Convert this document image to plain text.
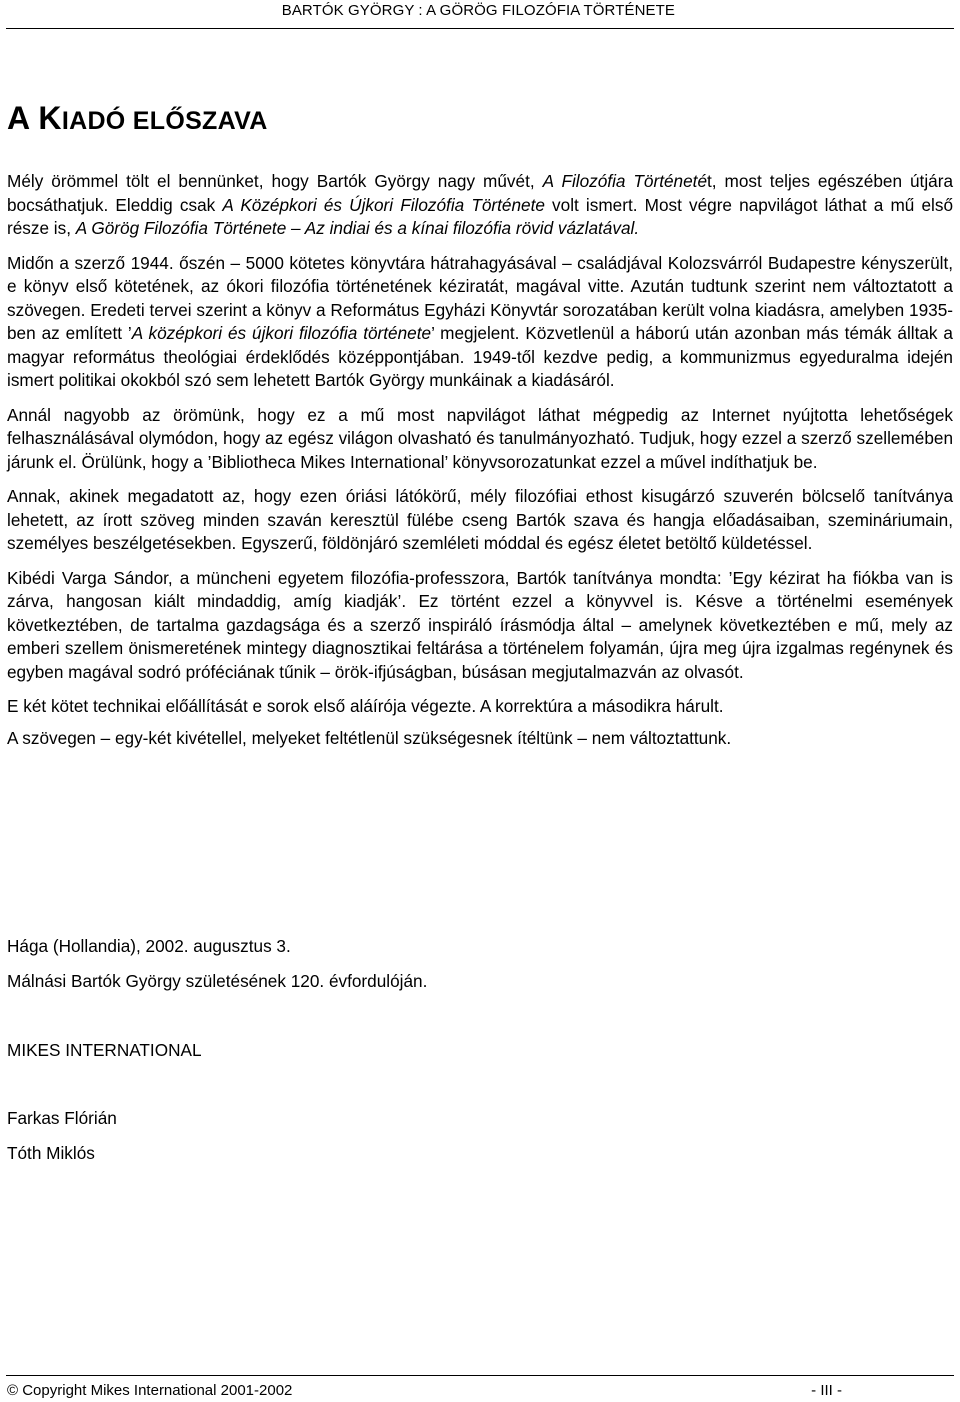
BARTÓK GYÖRGY : A GÖRÖG FILOZÓFIA TÖRTÉNETE
A KIADÓ ELŐSZAVA

Mély örömmel tölt el bennünket, hogy Bartók György nagy művét, A Filozófia Történetét, most teljes egészében útjára bocsáthatjuk. Eleddig csak A Középkori és Újkori Filozófia Története volt ismert. Most végre napvilágot láthat a mű első része is, A Görög Filozófia Története – Az indiai és a kínai filozófia rövid vázlatával.

Midőn a szerző 1944. őszén – 5000 kötetes könyvtára hátrahagyásával – családjával Kolozsvárról Budapestre kényszerült, e könyv első kötetének, az ókori filozófia történetének kéziratát, magával vitte. Azután tudtunk szerint nem változtatott a szövegen. Eredeti tervei szerint a könyv a Református Egyházi Könyvtár sorozatában került volna kiadásra, amelyben 1935-ben az említett ’A középkori és újkori filozófia története’ megjelent. Közvetlenül a háború után azonban más témák álltak a magyar református theológiai érdeklődés középpontjában. 1949-től kezdve pedig, a kommunizmus egyeduralma idején ismert politikai okokból szó sem lehetett Bartók György munkáinak a kiadásáról.

Annál nagyobb az örömünk, hogy ez a mű most napvilágot láthat mégpedig az Internet nyújtotta lehetőségek felhasználásával olymódon, hogy az egész világon olvasható és tanulmányozható. Tudjuk, hogy ezzel a szerző szellemében járunk el. Örülünk, hogy a ’Bibliotheca Mikes International’ könyvsorozatunkat ezzel a művel indíthatjuk be.

Annak, akinek megadatott az, hogy ezen óriási látókörű, mély filozófiai ethost kisugárzó szuverén bölcselő tanítványa lehetett, az írott szöveg minden szaván keresztül fülébe cseng Bartók szava és hangja előadásaiban, szemináriumain, személyes beszélgetésekben. Egyszerű, földönjáró szemléleti móddal és egész életet betöltő küldetéssel.

Kibédi Varga Sándor, a müncheni egyetem filozófia-professzora, Bartók tanítványa mondta: ’Egy kézirat ha fiókba van is zárva, hangosan kiált mindaddig, amíg kiadják’. Ez történt ezzel a könyvvel is. Késve a történelmi események következtében, de tartalma gazdagsága és a szerző inspiráló írásmódja által – amelynek következtében e mű, mely az emberi szellem önismeretének mintegy diagnosztikai feltárása a történelem folyamán, újra meg újra izgalmas regénynek és egyben magával sodró próféciának tűnik – örök-ifjúságban, búsásan megjutalmazván az olvasót.

E két kötet technikai előállítását e sorok első aláírója végezte. A korrektúra a másodikra hárult.

A szövegen – egy-két kivétellel, melyeket feltétlenül szükségesnek ítéltünk – nem változtattunk.

Hága (Hollandia), 2002. augusztus 3.

Málnási Bartók György születésének 120. évfordulóján.

MIKES INTERNATIONAL

Farkas Flórián

Tóth Miklós

© Copyright Mikes International 2001-2002	- III -
